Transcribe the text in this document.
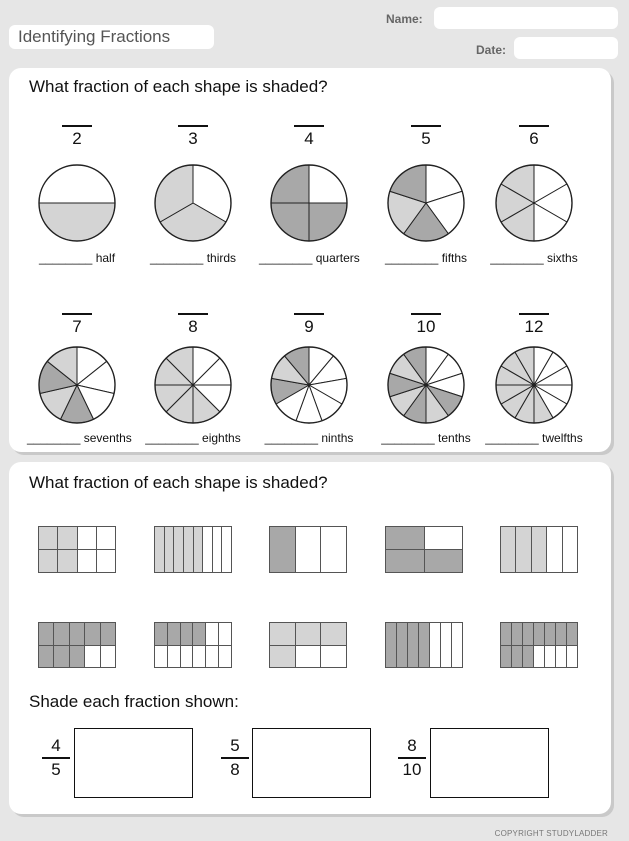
Identifying Fractions
Name:
Date:
What fraction of each shape is shaded?
2
________ half
3
________ thirds
4
________ quarters
5
________ fifths
6
________ sixths
7
________ sevenths
8
________ eighths
9
________ ninths
10
________ tenths
12
________ twelfths
What fraction of each shape is shaded?
Shade each fraction shown:
4
5
5
8
8
10
COPYRIGHT STUDYLADDER
